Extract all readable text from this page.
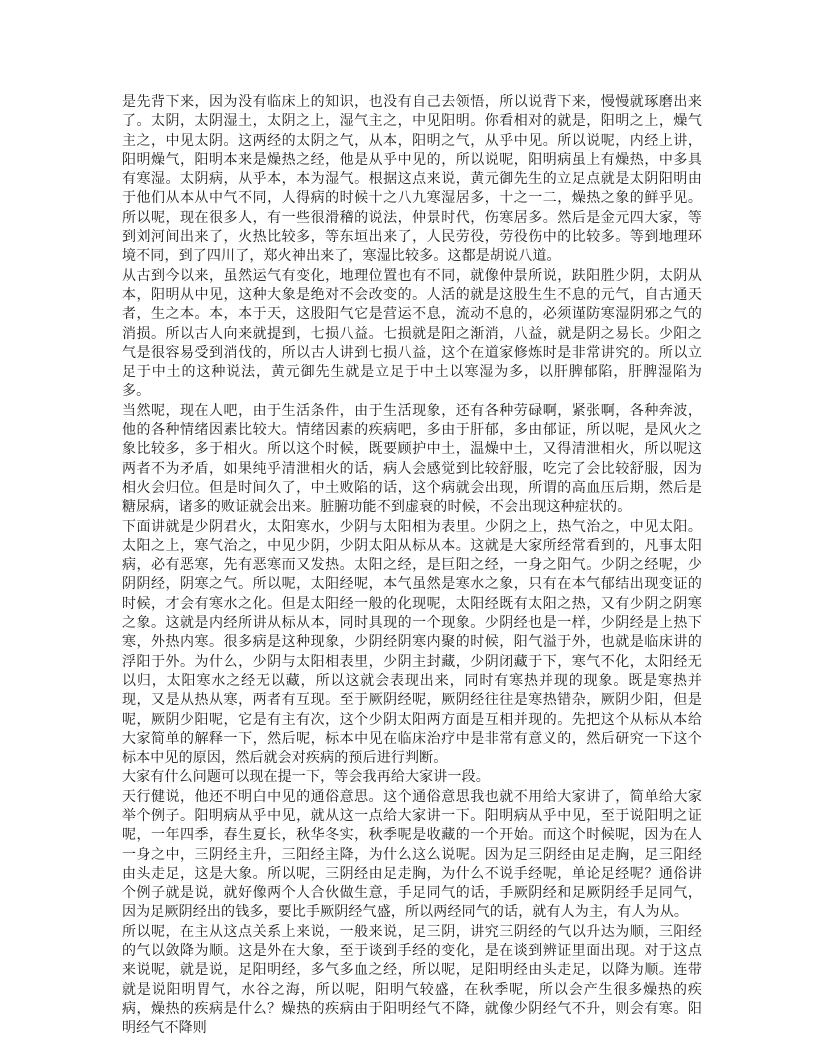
是先背下来，因为没有临床上的知识，也没有自己去领悟，所以说背下来，慢慢就琢磨出来了。太阴，太阴湿土，太阴之上，湿气主之，中见阳明。你看相对的就是，阳明之上，燥气主之，中见太阴。这两经的太阴之气，从本，阳明之气，从乎中见。所以说呢，内经上讲，阳明燥气，阳明本来是燥热之经，他是从乎中见的，所以说呢，阳明病虽上有燥热，中多具有寒湿。太阴病，从乎本，本为湿气。根据这点来说，黄元御先生的立足点就是太阴阳明由于他们从本从中气不同，人得病的时候十之八九寒湿居多，十之一二，燥热之象的鲜乎见。所以呢，现在很多人，有一些很滑稽的说法，仲景时代，伤寒居多。然后是金元四大家，等到刘河间出来了，火热比较多，等东垣出来了，人民劳役，劳役伤中的比较多。等到地理环境不同，到了四川了，郑火神出来了，寒湿比较多。这都是胡说八道。

从古到今以来，虽然运气有变化，地理位置也有不同，就像仲景所说，趺阳胜少阴，太阴从本，阳明从中见，这种大象是绝对不会改变的。人活的就是这股生生不息的元气，自古通天者，生之本。本，本于天，这股阳气它是营运不息，流动不息的，必须谨防寒湿阴邪之气的消损。所以古人向来就提到，七损八益。七损就是阳之渐消，八益，就是阴之易长。少阳之气是很容易受到消伐的，所以古人讲到七损八益，这个在道家修炼时是非常讲究的。所以立足于中土的这种说法，黄元御先生就是立足于中土以寒湿为多，以肝脾郁陷，肝脾湿陷为多。

当然呢，现在人吧，由于生活条件，由于生活现象，还有各种劳碌啊，紧张啊，各种奔波，他的各种情绪因素比较大。情绪因素的疾病吧，多由于肝郁，多由郁证，所以呢，是风火之象比较多，多于相火。所以这个时候，既要顾护中土，温燥中土，又得清泄相火，所以呢这两者不为矛盾，如果纯乎清泄相火的话，病人会感觉到比较舒服，吃完了会比较舒服，因为相火会归位。但是时间久了，中土败陷的话，这个病就会出现，所谓的高血压后期，然后是糖尿病，诸多的败证就会出来。脏腑功能不到虚衰的时候，不会出现这种症状的。

下面讲就是少阴君火，太阳寒水，少阴与太阳相为表里。少阴之上，热气治之，中见太阳。太阳之上，寒气治之，中见少阴，少阴太阳从标从本。这就是大家所经常看到的，凡事太阳病，必有恶寒，先有恶寒而又发热。太阳之经，是巨阳之经，一身之阳气。少阴之经呢，少阴阴经，阴寒之气。所以呢，太阳经呢，本气虽然是寒水之象，只有在本气郁结出现变证的时候，才会有寒水之化。但是太阳经一般的化现呢，太阳经既有太阳之热，又有少阴之阴寒之象。这就是内经所讲从标从本，同时具现的一个现象。少阴经也是一样，少阴经是上热下寒，外热内寒。很多病是这种现象，少阴经阴寒内聚的时候，阳气溢于外，也就是临床讲的浮阳于外。为什么，少阴与太阳相表里，少阴主封藏，少阴闭藏于下，寒气不化，太阳经无以归，太阳寒水之经无以藏，所以这就会表现出来，同时有寒热并现的现象。既是寒热并现，又是从热从寒，两者有互现。至于厥阴经呢，厥阴经往往是寒热错杂，厥阴少阳，但是呢，厥阴少阳呢，它是有主有次，这个少阴太阳两方面是互相并现的。先把这个从标从本给大家简单的解释一下，然后呢，标本中见在临床治疗中是非常有意义的，然后研究一下这个标本中见的原因，然后就会对疾病的预后进行判断。

大家有什么问题可以现在提一下，等会我再给大家讲一段。

天行健说，他还不明白中见的通俗意思。这个通俗意思我也就不用给大家讲了，简单给大家举个例子。阳明病从乎中见，就从这一点给大家讲一下。阳明病从乎中见，至于说阳明之证呢，一年四季，春生夏长，秋华冬实，秋季呢是收藏的一个开始。而这个时候呢，因为在人一身之中，三阴经主升，三阳经主降，为什么这么说呢。因为足三阴经由足走胸，足三阳经由头走足，这是大象。所以呢，三阴经由足走胸，为什么不说手经呢，单论足经呢？通俗讲个例子就是说，就好像两个人合伙做生意，手足同气的话，手厥阴经和足厥阴经手足同气，因为足厥阴经出的钱多，要比手厥阴经气盛，所以两经同气的话，就有人为主，有人为从。

所以呢，在主从这点关系上来说，一般来说，足三阴，讲究三阴经的气以升达为顺，三阳经的气以敛降为顺。这是外在大象，至于谈到手经的变化，是在谈到辨证里面出现。对于这点来说呢，就是说，足阳明经，多气多血之经，所以呢，足阳明经由头走足，以降为顺。连带就是说阳明胃气，水谷之海，所以呢，阳明气较盛，在秋季呢，所以会产生很多燥热的疾病，燥热的疾病是什么？燥热的疾病由于阳明经气不降，就像少阴经气不升，则会有寒。阳明经气不降则
